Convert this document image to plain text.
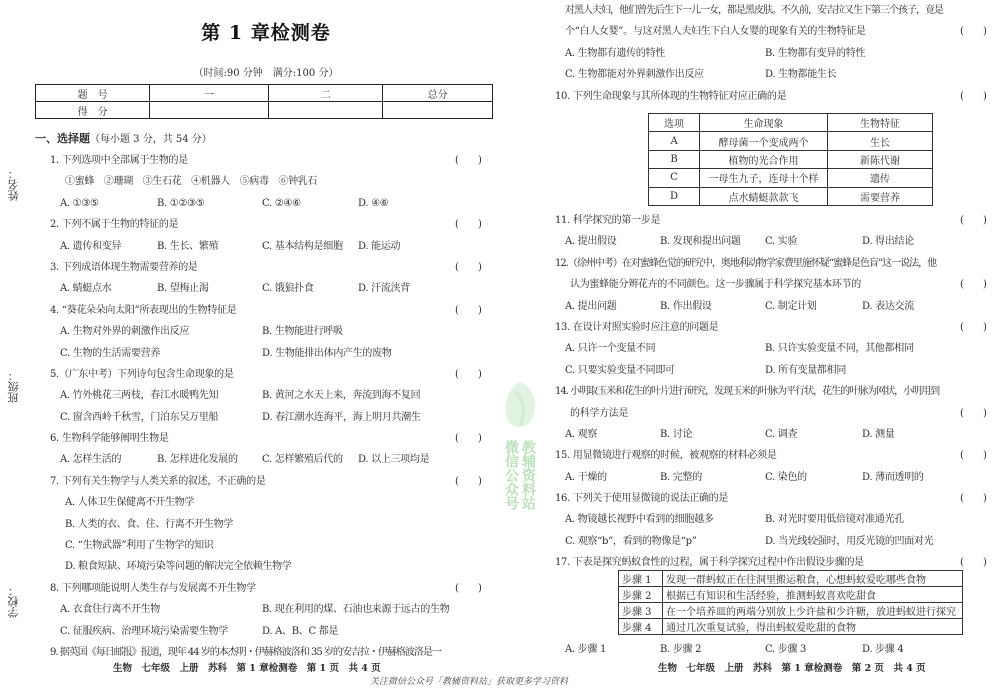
姓名：
班级：
学校：
微信公众号 教辅资料站
第 1 章检测卷
（时间:90 分钟　满分:100 分）
题　号	一	二	总分
得　分			
一、选择题（每小题 3 分，共 54 分）
1. 下列选项中全部属于生物的是	(　　)
①蜜蜂　②珊瑚　③生石花　④机器人　⑤病毒　⑥钟乳石
A. ①③⑤	B. ①②③⑤	C. ②④⑥	D. ④⑥
2. 下列不属于生物的特征的是	(　　)
A. 遗传和变异	B. 生长、繁殖	C. 基本结构是细胞 D. 能运动
3. 下列成语体现生物需要营养的是	(　　)
A. 蜻蜓点水	B. 望梅止渴	C. 饿狼扑食	D. 汗流浃背
4. “葵花朵朵向太阳”所表现出的生物特征是	(　　)
A. 生物对外界的刺激作出反应	B. 生物能进行呼吸
C. 生物的生活需要营养	D. 生物能排出体内产生的废物
5.（广东中考）下列诗句包含生命现象的是	(　　)
A. 竹外桃花三两枝，春江水暖鸭先知	B. 黄河之水天上来，奔流到海不复回
C. 窗含西岭千秋雪，门泊东吴万里船	D. 春江潮水连海平，海上明月共潮生
6. 生物科学能够阐明生物是	(　　)
A. 怎样生活的	B. 怎样进化发展的 C. 怎样繁殖后代的 D. 以上三项均是
7. 下列有关生物学与人类关系的叙述，不正确的是	(　　)
A. 人体卫生保健离不开生物学
B. 人类的衣、食、住、行离不开生物学
C. “生物武器”利用了生物学的知识
D. 粮食短缺、环境污染等问题的解决完全依赖生物学
8. 下列哪项能说明人类生存与发展离不开生物学	(　　)
A. 衣食住行离不开生物	B. 现在利用的煤、石油也来源于远古的生物
C. 征服疾病、治理环境污染需要生物学	D. A、B、C 都是
9. 据英国《每日邮报》报道，现年 44 岁的本杰明・伊赫格波洛和 35 岁的安吉拉・伊赫格波洛是一
生物　七年级　上册　苏科　第 1 章检测卷　第 1 页　共 4 页
对黑人夫妇，他们曾先后生下一儿一女，都是黑皮肤。不久前，安吉拉又生下第三个孩子，竟是
个“白人女婴”。与这对黑人夫妇生下白人女婴的现象有关的生物特征是	(　　)
A. 生物都有遗传的特性	B. 生物都有变异的特性
C. 生物都能对外界刺激作出反应	D. 生物都能生长
10. 下列生命现象与其所体现的生物特征对应正确的是	(　　)
选项	生命现象	生物特征
A	酵母菌一个变成两个	生长
B	植物的光合作用	新陈代谢
C	一母生九子，连母十个样	遗传
D	点水蜻蜓款款飞	需要营养
11. 科学探究的第一步是	(　　)
A. 提出假设	B. 发现和提出问题 C. 实验	D. 得出结论
12.（徐州中考）在对蜜蜂色觉的研究中，奥地利动物学家费里施怀疑“蜜蜂是色盲”这一说法，他
认为蜜蜂能分辨花卉的不同颜色。这一步骤属于科学探究基本环节的	(　　)
A. 提出问题	B. 作出假设	C. 制定计划	D. 表达交流
13. 在设计对照实验时应注意的问题是	(　　)
A. 只许一个变量不同	B. 只许实验变量不同，其他都相同
C. 只要实验变量不同即可	D. 所有变量都相同
14. 小明取玉米和花生的叶片进行研究，发现玉米的叶脉为平行状，花生的叶脉为网状，小明用到
的科学方法是	(　　)
A. 观察	B. 讨论	C. 调查	D. 测量
15. 用显微镜进行观察的时候，被观察的材料必须是	(　　)
A. 干燥的	B. 完整的	C. 染色的	D. 薄而透明的
16. 下列关于使用显微镜的说法正确的是	(　　)
A. 物镜越长视野中看到的细胞越多	B. 对光时要用低倍镜对准通光孔
C. 观察“b”，看到的物像是“p”	D. 当光线较强时，用反光镜的凹面对光
17. 下表是探究蚂蚁食性的过程，属于科学探究过程中作出假设步骤的是	(　　)
步骤 1	发现一群蚂蚁正在往洞里搬运粮食，心想蚂蚁爱吃哪些食物
步骤 2	根据已有知识和生活经验，推测蚂蚁喜欢吃甜食
步骤 3	在一个培养皿的两端分别放上少许盐和少许糖，放进蚂蚁进行探究
步骤 4	通过几次重复试验，得出蚂蚁爱吃甜的食物
A. 步骤 1	B. 步骤 2	C. 步骤 3	D. 步骤 4
生物　七年级　上册　苏科　第 1 章检测卷　第 2 页　共 4 页
关注微信公众号「教辅资料站」获取更多学习资料
